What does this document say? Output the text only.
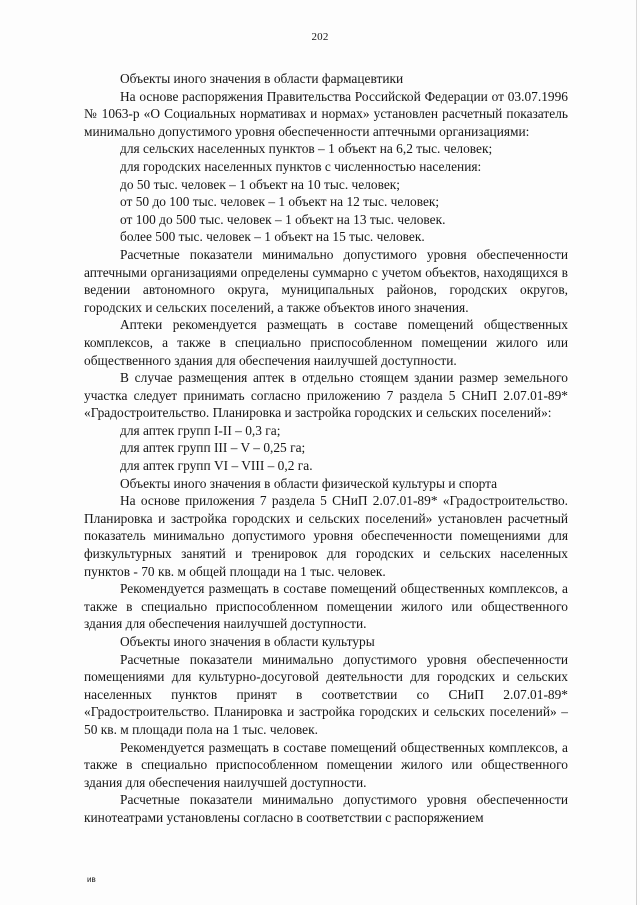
202

Объекты иного значения в области фармацевтики

На основе распоряжения Правительства Российской Федерации от 03.07.1996 № 1063-р «О Социальных нормативах и нормах» установлен расчетный показатель минимально допустимого уровня обеспеченности аптечными организациями:

для сельских населенных пунктов – 1 объект на 6,2 тыс. человек;

для городских населенных пунктов с численностью населения:

до 50 тыс. человек – 1 объект на 10 тыс. человек;

от 50 до 100 тыс. человек – 1 объект на 12 тыс. человек;

от 100 до 500 тыс. человек – 1 объект на 13 тыс. человек.

более 500 тыс. человек – 1 объект на 15 тыс. человек.

Расчетные показатели минимально допустимого уровня обеспеченности аптечными организациями определены суммарно с учетом объектов, находящихся в ведении автономного округа, муниципальных районов, городских округов, городских и сельских поселений, а также объектов иного значения.

Аптеки рекомендуется размещать в составе помещений общественных комплексов, а также в специально приспособленном помещении жилого или общественного здания для обеспечения наилучшей доступности.

В случае размещения аптек в отдельно стоящем здании размер земельного участка следует принимать согласно приложению 7 раздела 5 СНиП 2.07.01-89* «Градостроительство. Планировка и застройка городских и сельских поселений»:

для аптек групп I-II – 0,3 га;

для аптек групп III – V – 0,25 га;

для аптек групп VI – VIII – 0,2 га.

Объекты иного значения в области физической культуры и спорта

На основе приложения 7 раздела 5 СНиП 2.07.01-89* «Градостроительство. Планировка и застройка городских и сельских поселений» установлен расчетный показатель минимально допустимого уровня обеспеченности помещениями для физкультурных занятий и тренировок для городских и сельских населенных пунктов - 70 кв. м общей площади на 1 тыс. человек.

Рекомендуется размещать в составе помещений общественных комплексов, а также в специально приспособленном помещении жилого или общественного здания для обеспечения наилучшей доступности.

Объекты иного значения в области культуры

Расчетные показатели минимально допустимого уровня обеспеченности помещениями для культурно-досуговой деятельности для городских и сельских населенных пунктов принят в соответствии со СНиП 2.07.01-89* «Градостроительство. Планировка и застройка городских и сельских поселений» – 50 кв. м площади пола на 1 тыс. человек.

Рекомендуется размещать в составе помещений общественных комплексов, а также в специально приспособленном помещении жилого или общественного здания для обеспечения наилучшей доступности.

Расчетные показатели минимально допустимого уровня обеспеченности кинотеатрами установлены согласно в соответствии с распоряжением

ив
